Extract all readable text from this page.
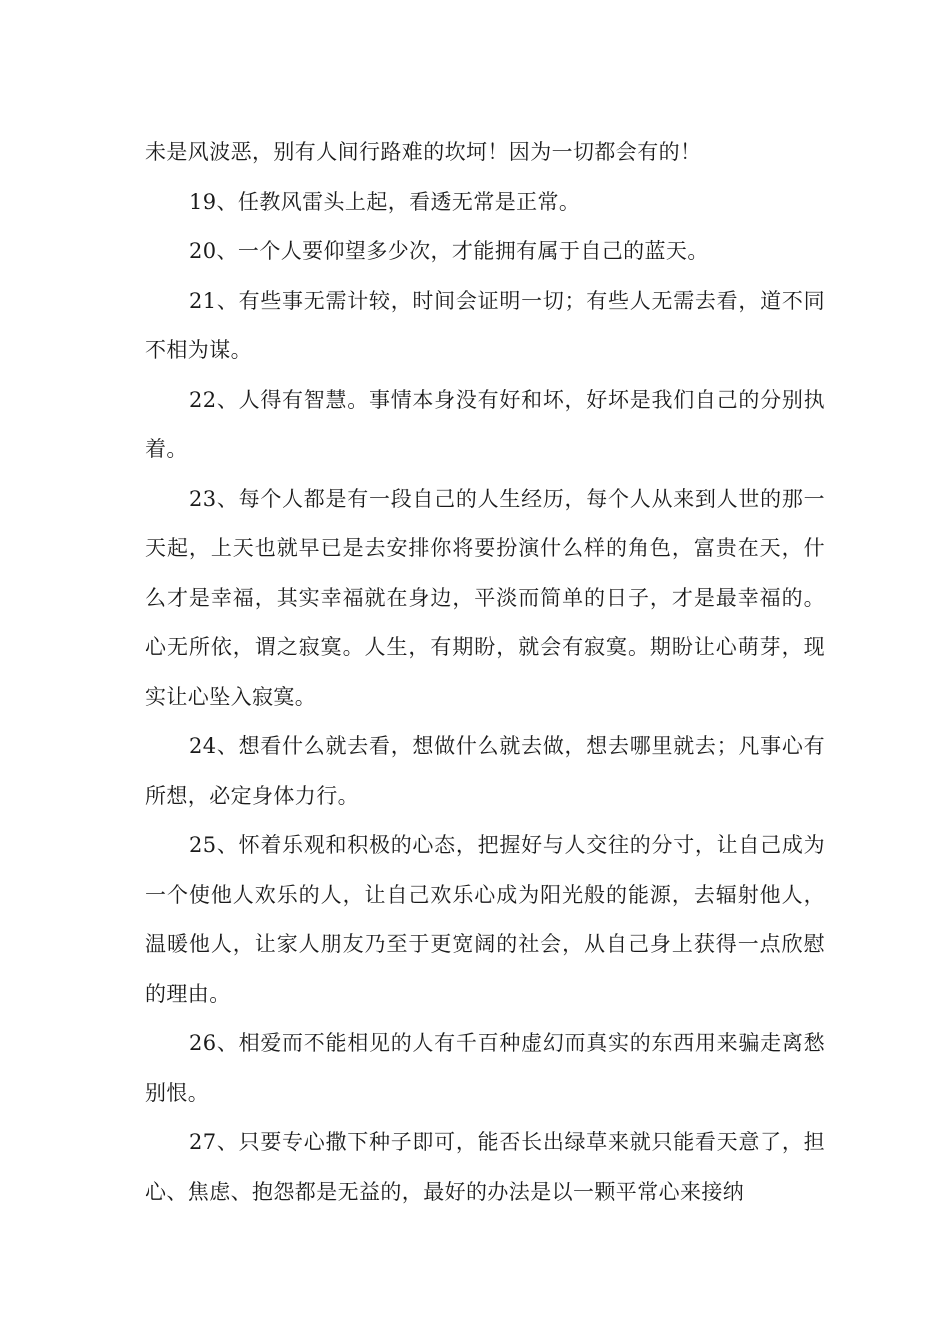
未是风波恶，别有人间行路难的坎坷！因为一切都会有的！

19、任教风雷头上起，看透无常是正常。

20、一个人要仰望多少次，才能拥有属于自己的蓝天。

21、有些事无需计较，时间会证明一切；有些人无需去看，道不同不相为谋。

22、人得有智慧。事情本身没有好和坏，好坏是我们自己的分别执着。

23、每个人都是有一段自己的人生经历，每个人从来到人世的那一天起，上天也就早已是去安排你将要扮演什么样的角色，富贵在天，什么才是幸福，其实幸福就在身边，平淡而简单的日子，才是最幸福的。心无所依，谓之寂寞。人生，有期盼，就会有寂寞。期盼让心萌芽，现实让心坠入寂寞。

24、想看什么就去看，想做什么就去做，想去哪里就去；凡事心有所想，必定身体力行。

25、怀着乐观和积极的心态，把握好与人交往的分寸，让自己成为一个使他人欢乐的人，让自己欢乐心成为阳光般的能源，去辐射他人，温暖他人，让家人朋友乃至于更宽阔的社会，从自己身上获得一点欣慰的理由。

26、相爱而不能相见的人有千百种虚幻而真实的东西用来骗走离愁别恨。

27、只要专心撒下种子即可，能否长出绿草来就只能看天意了，担心、焦虑、抱怨都是无益的，最好的办法是以一颗平常心来接纳
